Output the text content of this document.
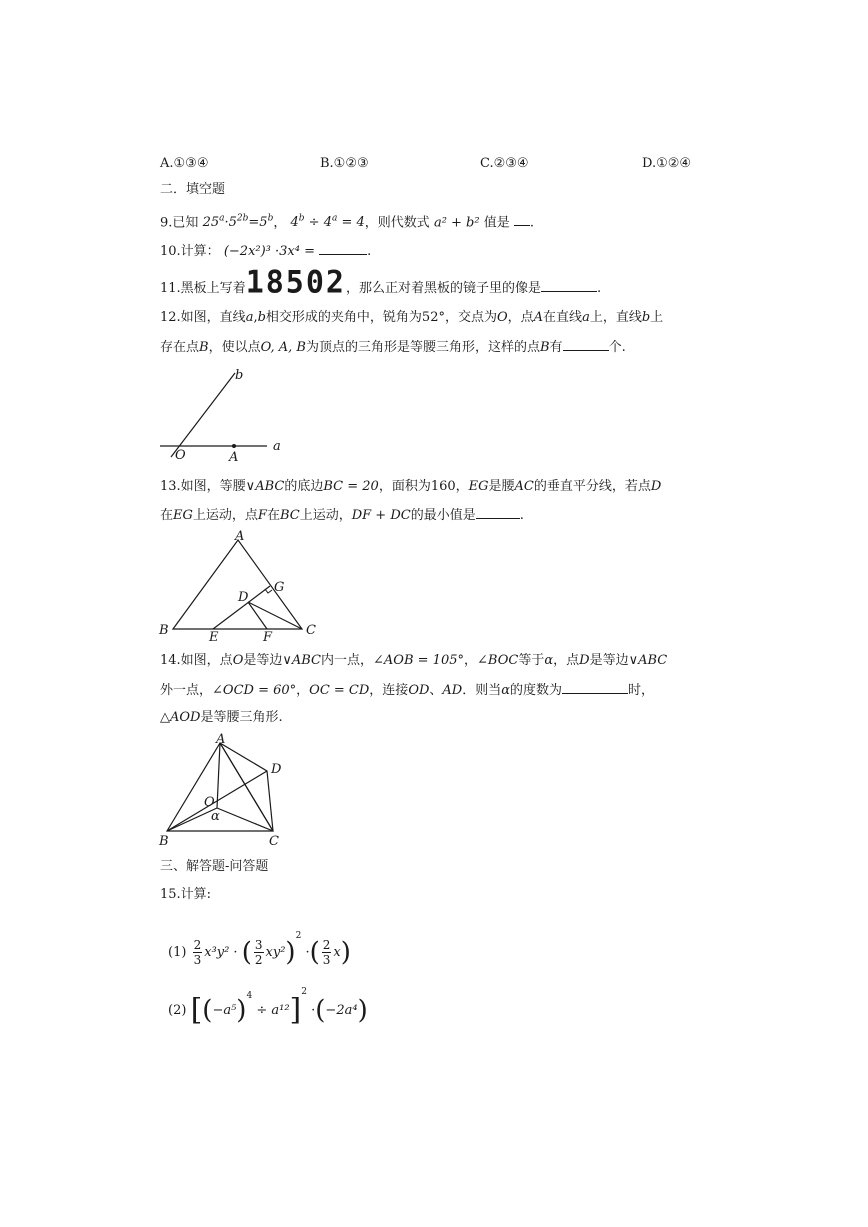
A.①③④	B.①②③	C.②③④	D.①②④
二．填空题
9.已知 $25^a\cdot 5^{2b}=5^b$， $4^b \div 4^a = 4$，则代数式 a² + b² 值是 .
10.计算： (−2x²)³ ·3x⁴ =	.
11.黑板上写着18502，那么正对着黑板的镜子里的像是	.
12.如图，直线a,b相交形成的夹角中，锐角为52°，交点为O，点A在直线a上，直线b上
存在点B，使以点O, A, B为顶点的三角形是等腰三角形，这样的点B有	个.
b
a
O	A
13.如图，等腰∨ABC的底边BC = 20，面积为160，EG是腰AC的垂直平分线，若点D
在EG上运动，点F在BC上运动，DF + DC的最小值是	.
A
G
D
B	E	F	C
14.如图，点O是等边∨ABC内一点，∠AOB = 105°，∠BOC等于α，点D是等边∨ABC
外一点，∠OCD = 60°，OC = CD，连接OD、AD．则当α的度数为	时，
△AOD是等腰三角形.
A
D
O
α
B	C
三、解答题-问答题
15.计算:
$(1) \frac{2}{3} x^3y^2$ · ( $\frac{3}{2} xy^2)^2$ ·( $\frac{2}{3} x$)
(2) $[(-a^5)^4 \div a^{12}]^2 \cdot(-2a^4)$
